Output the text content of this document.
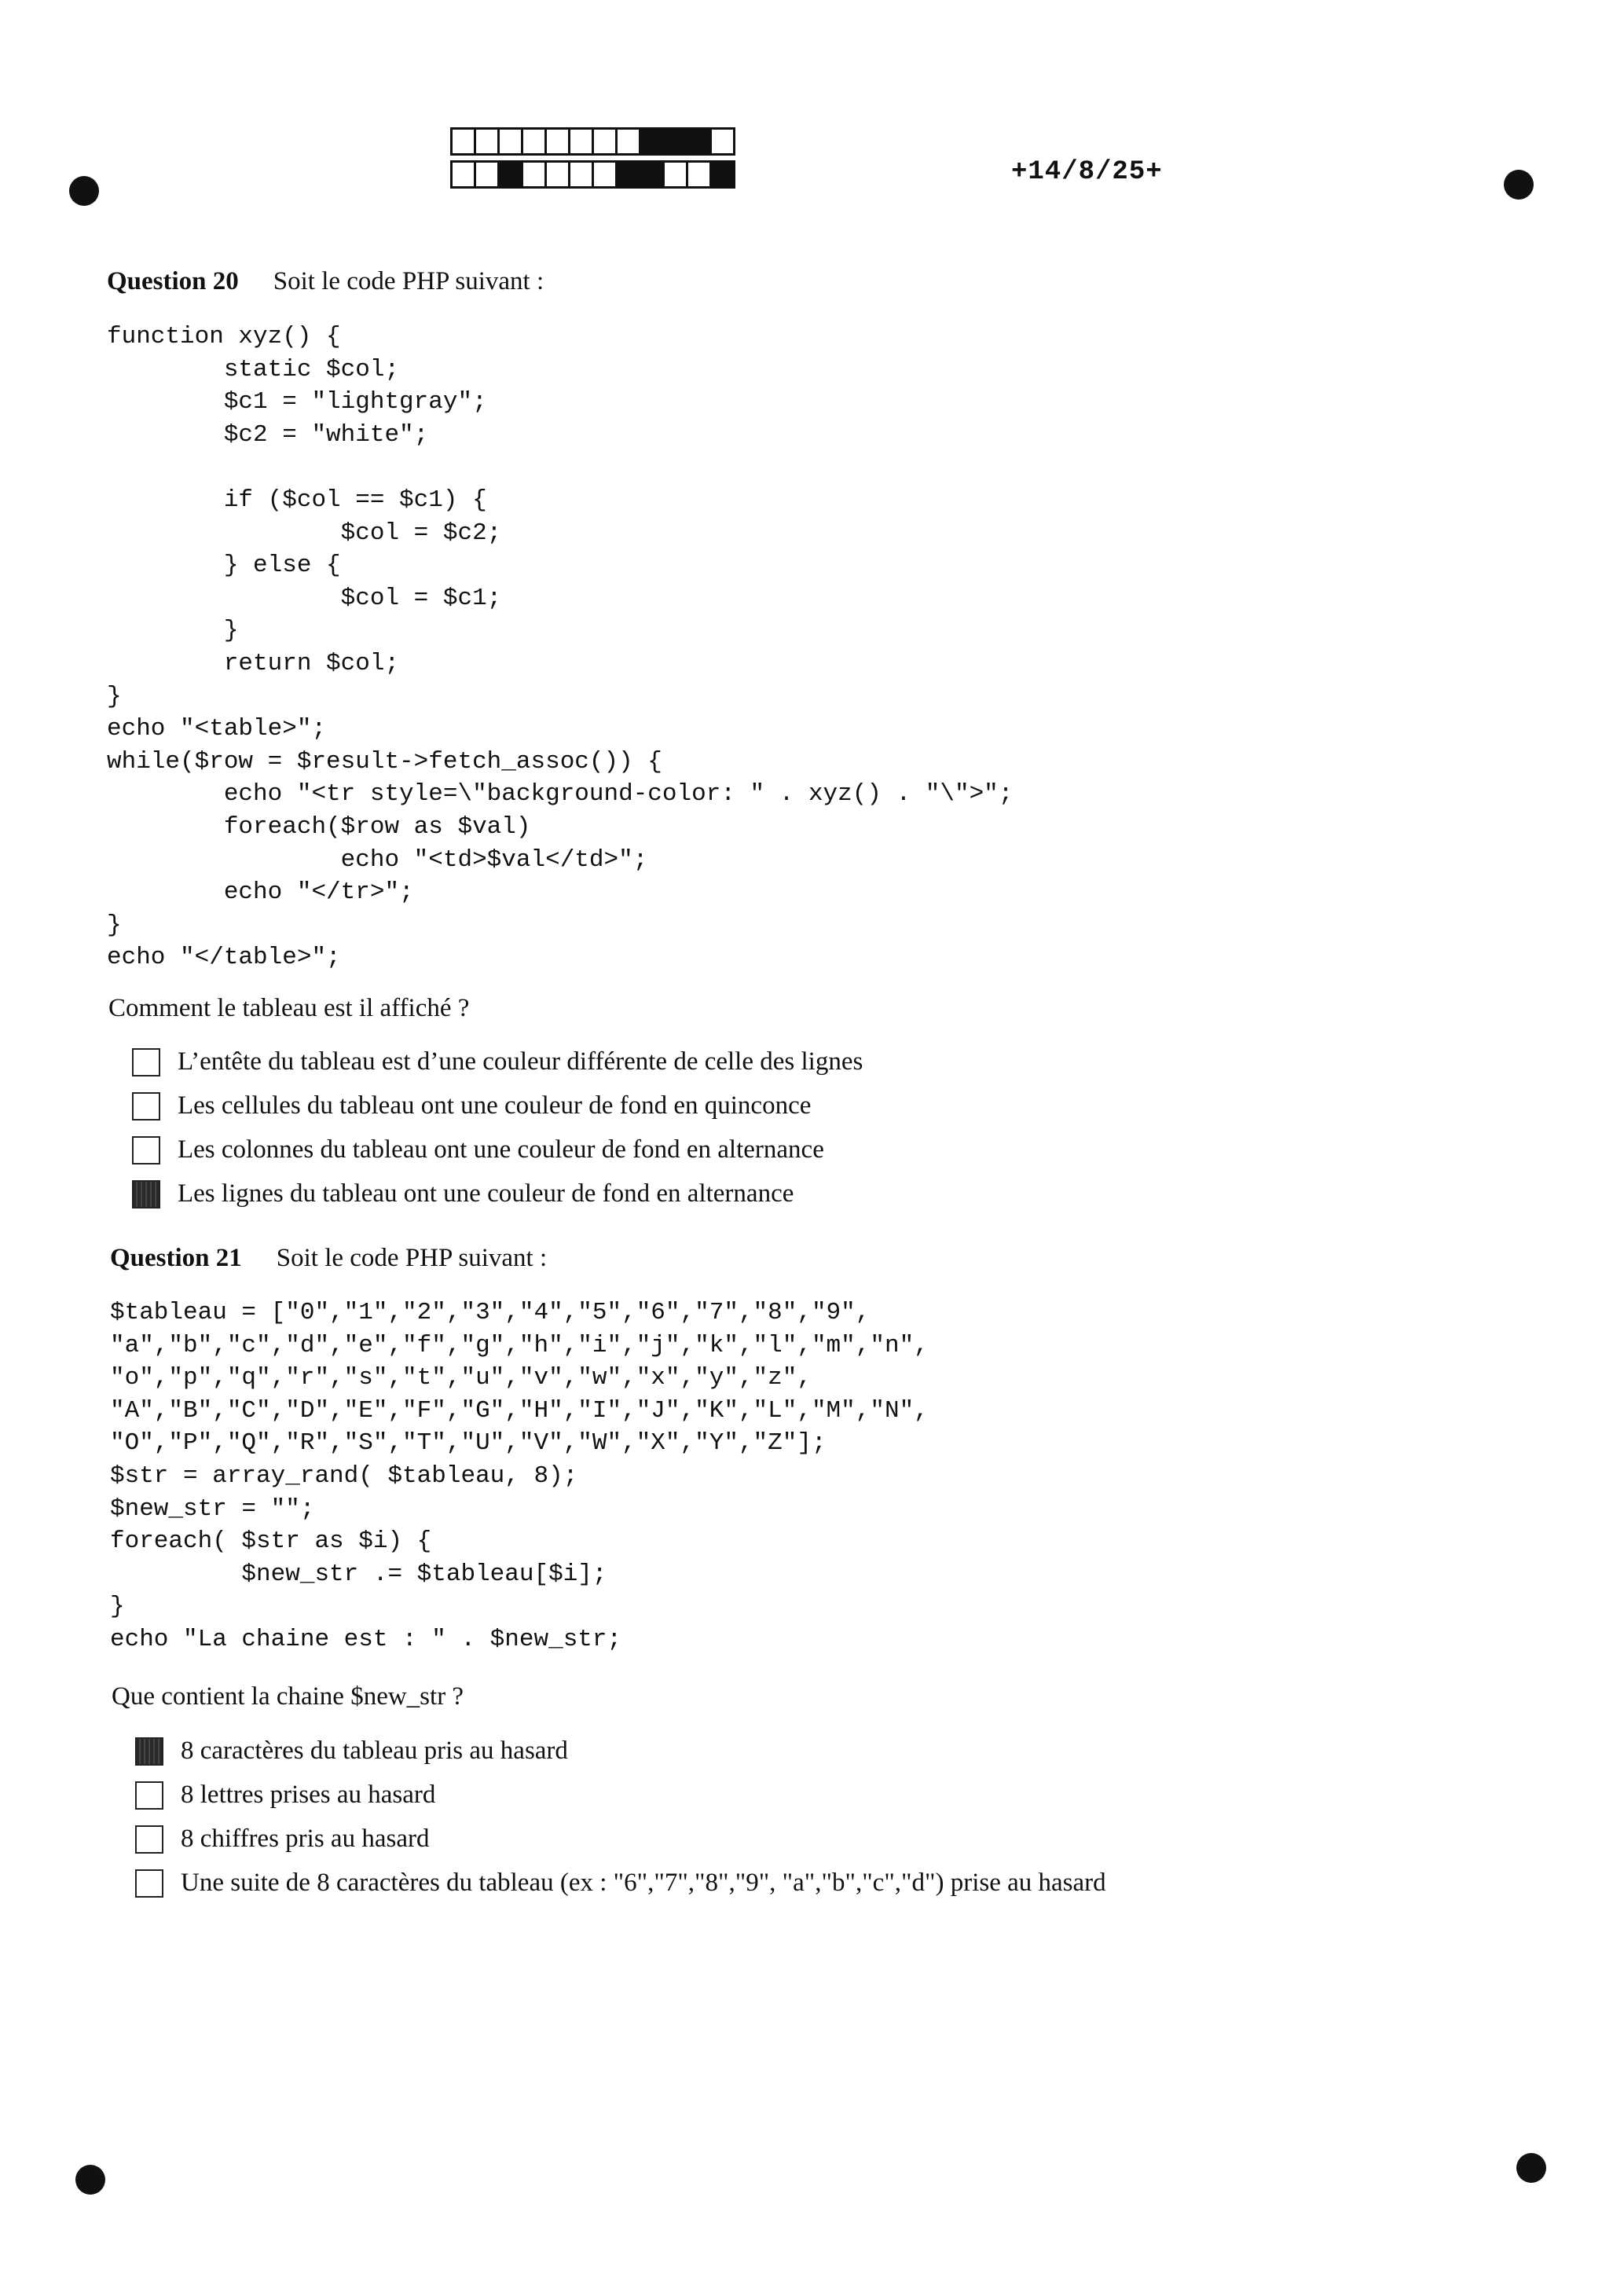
+14/8/25+
Question 20 Soit le code PHP suivant :
function xyz() {
static $col;
$c1 = "lightgray";
$c2 = "white";

if ($col == $c1) {
$col = $c2;
} else {
$col = $c1;
}
return $col;
}
echo "<table>";
while($row = $result->fetch_assoc()) {
echo "<tr style=\"background-color: " . xyz() . "\">";
foreach($row as $val)
echo "<td>$val</td>";
echo "</tr>";
}
echo "</table>";
Comment le tableau est il affiché ?
L’entête du tableau est d’une couleur différente de celle des lignes
Les cellules du tableau ont une couleur de fond en quinconce
Les colonnes du tableau ont une couleur de fond en alternance
Les lignes du tableau ont une couleur de fond en alternance
Question 21 Soit le code PHP suivant :
$tableau = ["0","1","2","3","4","5","6","7","8","9",
"a","b","c","d","e","f","g","h","i","j","k","l","m","n",
"o","p","q","r","s","t","u","v","w","x","y","z",
"A","B","C","D","E","F","G","H","I","J","K","L","M","N",
"O","P","Q","R","S","T","U","V","W","X","Y","Z"];
$str = array_rand( $tableau, 8);
$new_str = "";
foreach( $str as $i) {
$new_str .= $tableau[$i];
}
echo "La chaine est : " . $new_str;
Que contient la chaine $new_str ?
8 caractères du tableau pris au hasard
8 lettres prises au hasard
8 chiffres pris au hasard
Une suite de 8 caractères du tableau (ex : "6","7","8","9", "a","b","c","d") prise au hasard
